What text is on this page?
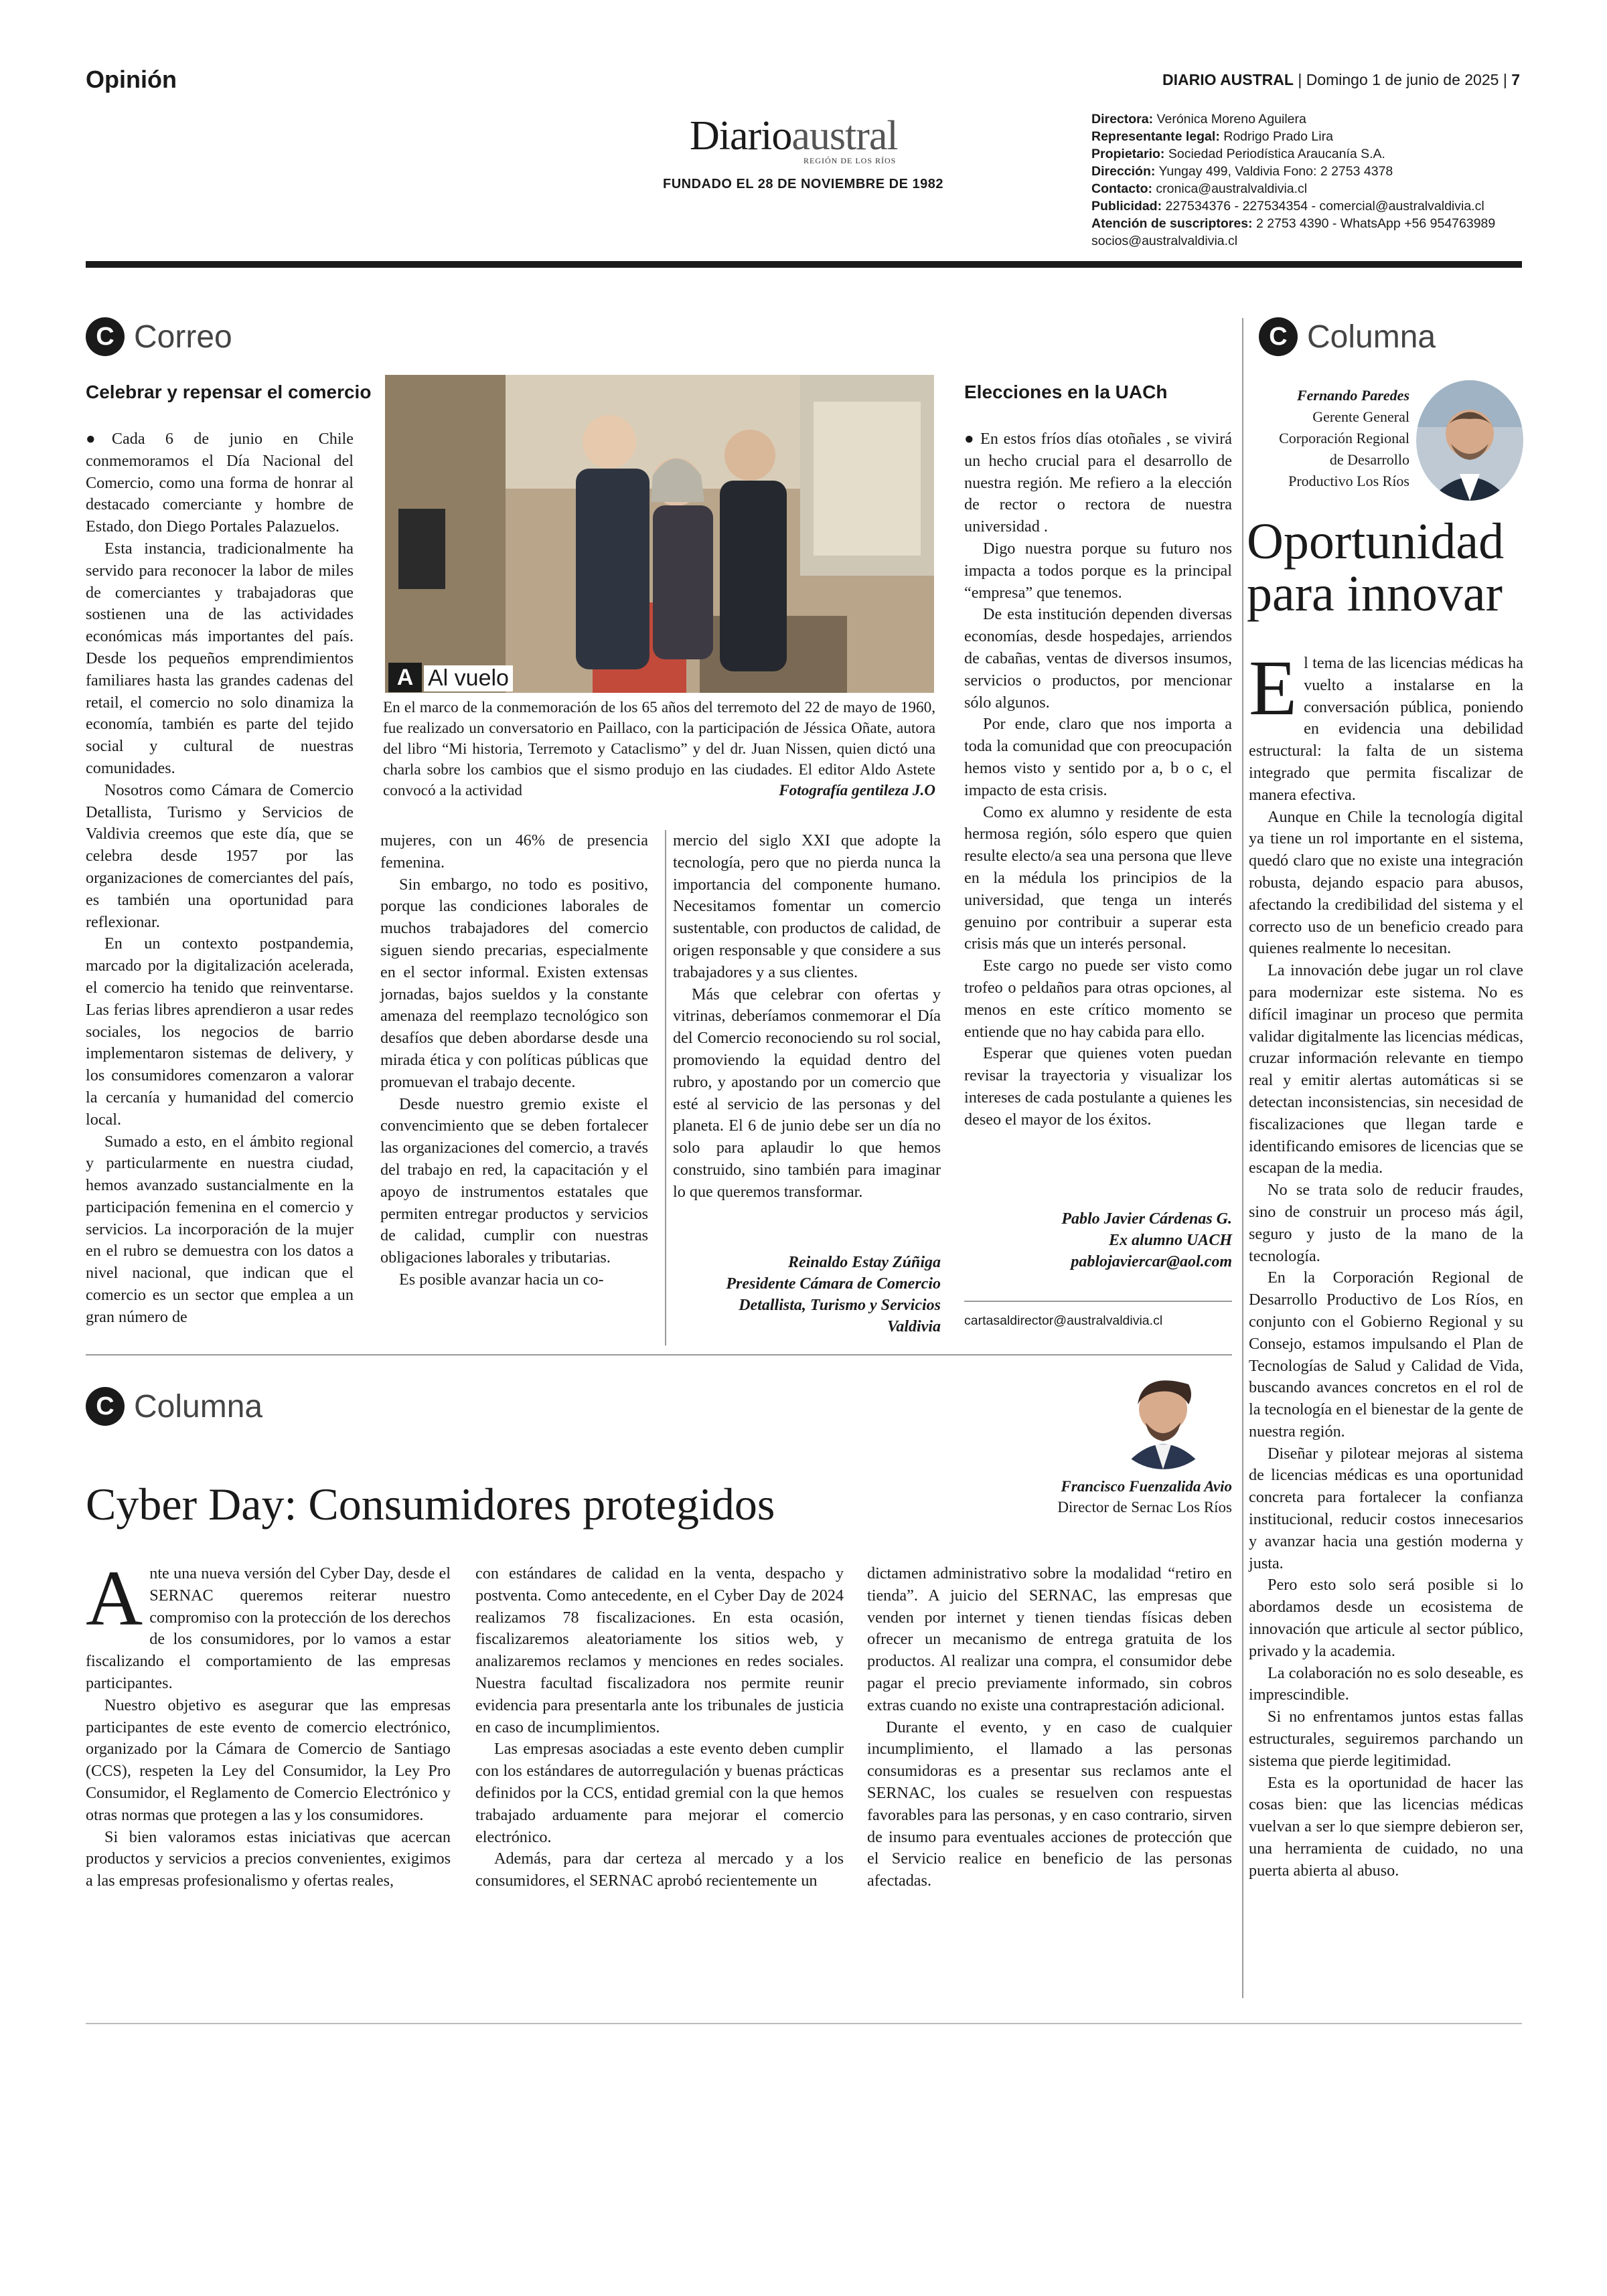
Opinión	DIARIO AUSTRAL | Domingo 1 de junio de 2025 | 7
Diarioaustral
REGIÓN DE LOS RÍOS
FUNDADO EL 28 DE NOVIEMBRE DE 1982
Directora: Verónica Moreno Aguilera
Representante legal: Rodrigo Prado Lira
Propietario: Sociedad Periodística Araucanía S.A.
Dirección: Yungay 499, Valdivia Fono: 2 2753 4378
Contacto: cronica@australvaldivia.cl
Publicidad: 227534376 - 227534354 - comercial@australvaldivia.cl
Atención de suscriptores: 2 2753 4390 - WhatsApp +56 954763989
socios@australvaldivia.cl
C Correo
Celebrar y repensar el comercio

●Cada 6 de junio en Chile conmemoramos el Día Nacional del Comercio, como una forma de honrar al destacado comerciante y hombre de Estado, don Diego Portales Palazuelos.

Esta instancia, tradicionalmente ha servido para reconocer la labor de miles de comerciantes y trabajadoras que sostienen una de las actividades económicas más importantes del país. Desde los pequeños emprendimientos familiares hasta las grandes cadenas del retail, el comercio no solo dinamiza la economía, también es parte del tejido social y cultural de nuestras comunidades.

Nosotros como Cámara de Comercio Detallista, Turismo y Servicios de Valdivia creemos que este día, que se celebra desde 1957 por las organizaciones de comerciantes del país, es también una oportunidad para reflexionar.

En un contexto postpandemia, marcado por la digitalización acelerada, el comercio ha tenido que reinventarse. Las ferias libres aprendieron a usar redes sociales, los negocios de barrio implementaron sistemas de delivery, y los consumidores comenzaron a valorar la cercanía y humanidad del comercio local.

Sumado a esto, en el ámbito regional y particularmente en nuestra ciudad, hemos avanzado sustancialmente en la participación femenina en el comercio y servicios. La incorporación de la mujer en el rubro se demuestra con los datos a nivel nacional, que indican que el comercio es un sector que emplea a un gran número de

A Al vuelo
En el marco de la conmemoración de los 65 años del terremoto del 22 de mayo de 1960, fue realizado un conversatorio en Paillaco, con la participación de Jéssica Oñate, autora del libro “Mi historia, Terremoto y Cataclismo” y del dr. Juan Nissen, quien dictó una charla sobre los cambios que el sismo produjo en las ciudades. El editor Aldo Astete convocó a la actividad	Fotografía gentileza J.O

mujeres, con un 46% de presencia femenina.

Sin embargo, no todo es positivo, porque las condiciones laborales de muchos trabajadores del comercio siguen siendo precarias, especialmente en el sector informal. Existen extensas jornadas, bajos sueldos y la constante amenaza del reemplazo tecnológico son desafíos que deben abordarse desde una mirada ética y con políticas públicas que promuevan el trabajo decente.

Desde nuestro gremio existe el convencimiento que se deben fortalecer las organizaciones del comercio, a través del trabajo en red, la capacitación y el apoyo de instrumentos estatales que permiten entregar productos y servicios de calidad, cumplir con nuestras obligaciones laborales y tributarias.

Es posible avanzar hacia un co-

mercio del siglo XXI que adopte la tecnología, pero que no pierda nunca la importancia del componente humano. Necesitamos fomentar un comercio sustentable, con productos de calidad, de origen responsable y que considere a sus trabajadores y a sus clientes.

Más que celebrar con ofertas y vitrinas, deberíamos conmemorar el Día del Comercio reconociendo su rol social, promoviendo la equidad dentro del rubro, y apostando por un comercio que esté al servicio de las personas y del planeta. El 6 de junio debe ser un día no solo para aplaudir lo que hemos construido, sino también para imaginar lo que queremos transformar.

Reinaldo Estay Zúñiga
Presidente Cámara de Comercio
Detallista, Turismo y Servicios
Valdivia
Elecciones en la UACh

● En estos fríos días otoñales , se vivirá un hecho crucial para el desarrollo de nuestra región. Me refiero a la elección de rector o rectora de nuestra universidad .

Digo nuestra porque su futuro nos impacta a todos porque es la principal “empresa” que tenemos.

De esta institución dependen diversas economías, desde hospedajes, arriendos de cabañas, ventas de diversos insumos, servicios o productos, por mencionar sólo algunos.

Por ende, claro que nos importa a toda la comunidad que con preocupación hemos visto y sentido por a, b o c, el impacto de esta crisis.

Como ex alumno y residente de esta hermosa región, sólo espero que quien resulte electo/a sea una persona que lleve en la médula los principios de la universidad, que tenga un interés genuino por contribuir a superar esta crisis más que un interés personal.

Este cargo no puede ser visto como trofeo o peldaños para otras opciones, al menos en este crítico momento se entiende que no hay cabida para ello.

Esperar que quienes voten puedan revisar la trayectoria y visualizar los intereses de cada postulante a quienes les deseo el mayor de los éxitos.

Pablo Javier Cárdenas G.
Ex alumno UACH
pablojaviercar@aol.com
cartasaldirector@australvaldivia.cl
C Columna
Fernando Paredes
Gerente General
Corporación Regional
de Desarrollo
Productivo Los Ríos
Oportunidad
para innovar

El tema de las licencias médicas ha vuelto a instalarse en la conversación pública, poniendo en evidencia una debilidad estructural: la falta de un sistema integrado que permita fiscalizar de manera efectiva.

Aunque en Chile la tecnología digital ya tiene un rol importante en el sistema, quedó claro que no existe una integración robusta, dejando espacio para abusos, afectando la credibilidad del sistema y el correcto uso de un beneficio creado para quienes realmente lo necesitan.

La innovación debe jugar un rol clave para modernizar este sistema. No es difícil imaginar un proceso que permita validar digitalmente las licencias médicas, cruzar información relevante en tiempo real y emitir alertas automáticas si se detectan inconsistencias, sin necesidad de fiscalizaciones que llegan tarde e identificando emisores de licencias que se escapan de la media.

No se trata solo de reducir fraudes, sino de construir un proceso más ágil, seguro y justo de la mano de la tecnología.

En la Corporación Regional de Desarrollo Productivo de Los Ríos, en conjunto con el Gobierno Regional y su Consejo, estamos impulsando el Plan de Tecnologías de Salud y Calidad de Vida, buscando avances concretos en el rol de la tecnología en el bienestar de la gente de nuestra región.

Diseñar y pilotear mejoras al sistema de licencias médicas es una oportunidad concreta para fortalecer la confianza institucional, reducir costos innecesarios y avanzar hacia una gestión moderna y justa.

Pero esto solo será posible si lo abordamos desde un ecosistema de innovación que articule al sector público, privado y la academia.

La colaboración no es solo deseable, es imprescindible.

Si no enfrentamos juntos estas fallas estructurales, seguiremos parchando un sistema que pierde legitimidad.

Esta es la oportunidad de hacer las cosas bien: que las licencias médicas vuelvan a ser lo que siempre debieron ser, una herramienta de cuidado, no una puerta abierta al abuso.

C Columna
Francisco Fuenzalida Avio
Director de Sernac Los Ríos
Cyber Day: Consumidores protegidos

Ante una nueva versión del Cyber Day, desde el SERNAC queremos reiterar nuestro compromiso con la protección de los derechos de los consumidores, por lo vamos a estar fiscalizando el comportamiento de las empresas participantes.

Nuestro objetivo es asegurar que las empresas participantes de este evento de comercio electrónico, organizado por la Cámara de Comercio de Santiago (CCS), respeten la Ley del Consumidor, la Ley Pro Consumidor, el Reglamento de Comercio Electrónico y otras normas que protegen a las y los consumidores.

Si bien valoramos estas iniciativas que acercan productos y servicios a precios convenientes, exigimos a las empresas profesionalismo y ofertas reales,

con estándares de calidad en la venta, despacho y postventa. Como antecedente, en el Cyber Day de 2024 realizamos 78 fiscalizaciones. En esta ocasión, fiscalizaremos aleatoriamente los sitios web, y analizaremos reclamos y menciones en redes sociales. Nuestra facultad fiscalizadora nos permite reunir evidencia para presentarla ante los tribunales de justicia en caso de incumplimientos.

Las empresas asociadas a este evento deben cumplir con los estándares de autorregulación y buenas prácticas definidos por la CCS, entidad gremial con la que hemos trabajado arduamente para mejorar el comercio electrónico.

Además, para dar certeza al mercado y a los consumidores, el SERNAC aprobó recientemente un

dictamen administrativo sobre la modalidad “retiro en tienda”. A juicio del SERNAC, las empresas que venden por internet y tienen tiendas físicas deben ofrecer un mecanismo de entrega gratuita de los productos. Al realizar una compra, el consumidor debe pagar el precio previamente informado, sin cobros extras cuando no existe una contraprestación adicional.

Durante el evento, y en caso de cualquier incumplimiento, el llamado a las personas consumidoras es a presentar sus reclamos ante el SERNAC, los cuales se resuelven con respuestas favorables para las personas, y en caso contrario, sirven de insumo para eventuales acciones de protección que el Servicio realice en beneficio de las personas afectadas.
